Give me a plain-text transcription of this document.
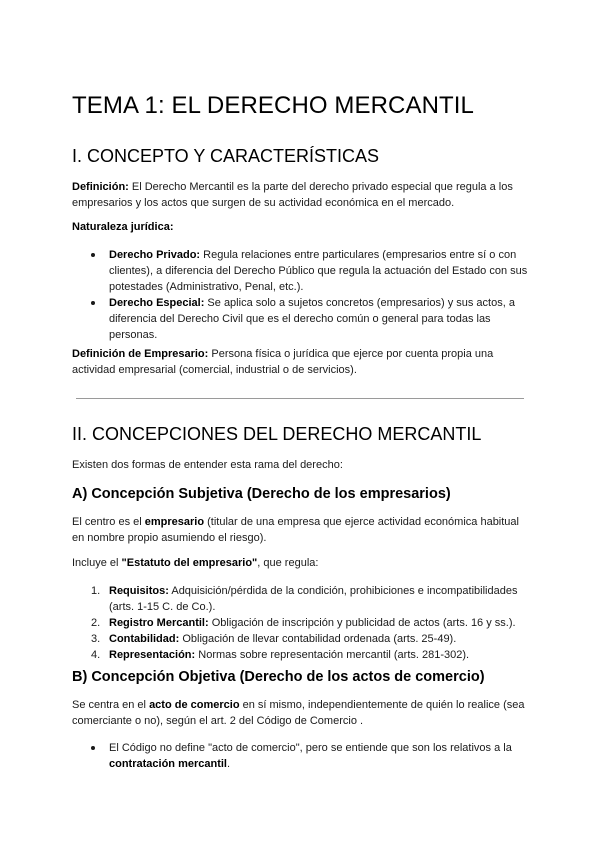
TEMA 1: EL DERECHO MERCANTIL
I. CONCEPTO Y CARACTERÍSTICAS

Definición: El Derecho Mercantil es la parte del derecho privado especial que regula a los empresarios y los actos que surgen de su actividad económica en el mercado.

Naturaleza jurídica:

Derecho Privado: Regula relaciones entre particulares (empresarios entre sí o con clientes), a diferencia del Derecho Público que regula la actuación del Estado con sus potestades (Administrativo, Penal, etc.).
Derecho Especial: Se aplica solo a sujetos concretos (empresarios) y sus actos, a diferencia del Derecho Civil que es el derecho común o general para todas las personas.

Definición de Empresario: Persona física o jurídica que ejerce por cuenta propia una actividad empresarial (comercial, industrial o de servicios).

II. CONCEPCIONES DEL DERECHO MERCANTIL

Existen dos formas de entender esta rama del derecho:

A) Concepción Subjetiva (Derecho de los empresarios)

El centro es el empresario (titular de una empresa que ejerce actividad económica habitual en nombre propio asumiendo el riesgo).

Incluye el "Estatuto del empresario", que regula:

1. Requisitos: Adquisición/pérdida de la condición, prohibiciones e incompatibilidades (arts. 1-15 C. de Co.).
2. Registro Mercantil: Obligación de inscripción y publicidad de actos (arts. 16 y ss.).
3. Contabilidad: Obligación de llevar contabilidad ordenada (arts. 25-49).
4. Representación: Normas sobre representación mercantil (arts. 281-302).
B) Concepción Objetiva (Derecho de los actos de comercio)

Se centra en el acto de comercio en sí mismo, independientemente de quién lo realice (sea comerciante o no), según el art. 2 del Código de Comercio .

El Código no define "acto de comercio", pero se entiende que son los relativos a la contratación mercantil.
